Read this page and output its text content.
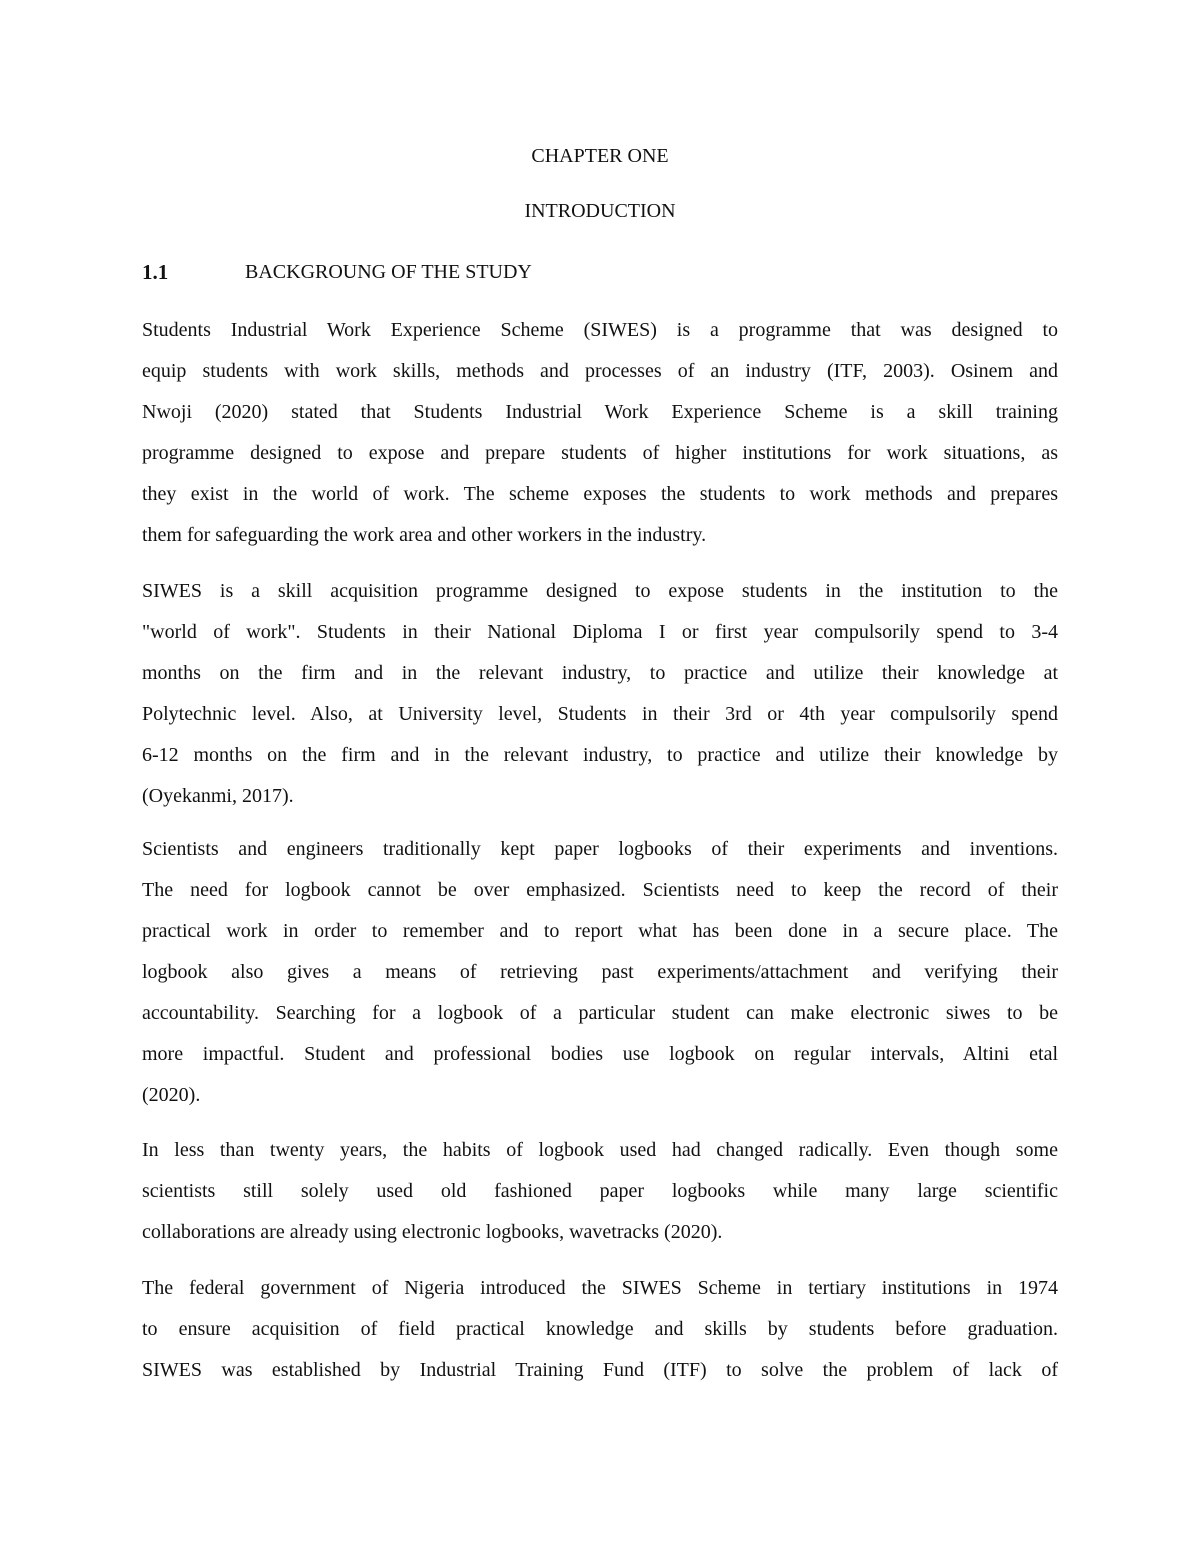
CHAPTER ONE
INTRODUCTION
1.1	BACKGROUNG OF THE STUDY
Students Industrial Work Experience Scheme (SIWES) is a programme that was designed to
equip students with work skills, methods and processes of an industry (ITF, 2003). Osinem and
Nwoji (2020) stated that Students Industrial Work Experience Scheme is a skill training
programme designed to expose and prepare students of higher institutions for work situations, as
they exist in the world of work. The scheme exposes the students to work methods and prepares
them for safeguarding the work area and other workers in the industry.
SIWES is a skill acquisition programme designed to expose students in the institution to the
"world of work". Students in their National Diploma I or first year compulsorily spend to 3-4
months on the firm and in the relevant industry, to practice and utilize their knowledge at
Polytechnic level. Also, at University level, Students in their 3rd or 4th year compulsorily spend
6-12 months on the firm and in the relevant industry, to practice and utilize their knowledge by
(Oyekanmi, 2017).
Scientists and engineers traditionally kept paper logbooks of their experiments and inventions.
The need for logbook cannot be over emphasized. Scientists need to keep the record of their
practical work in order to remember and to report what has been done in a secure place. The
logbook also gives a means of retrieving past experiments/attachment and verifying their
accountability. Searching for a logbook of a particular student can make electronic siwes to be
more impactful. Student and professional bodies use logbook on regular intervals, Altini etal
(2020).
In less than twenty years, the habits of logbook used had changed radically. Even though some
scientists still solely used old fashioned paper logbooks while many large scientific
collaborations are already using electronic logbooks, wavetracks (2020).
The federal government of Nigeria introduced the SIWES Scheme in tertiary institutions in 1974
to ensure acquisition of field practical knowledge and skills by students before graduation.
SIWES was established by Industrial Training Fund (ITF) to solve the problem of lack of
